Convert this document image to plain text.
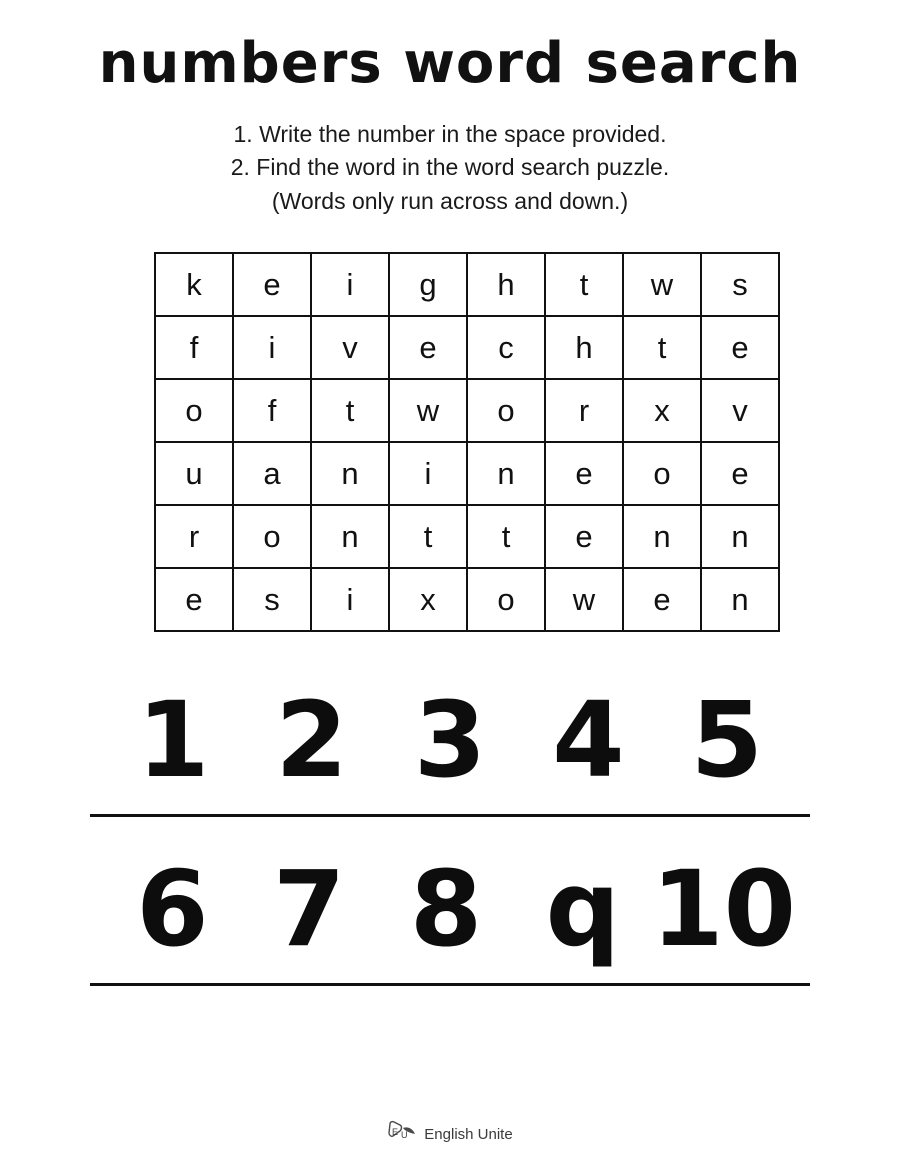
numbers word search
1. Write the number in the space provided.
2. Find the word in the word search puzzle.
(Words only run across and down.)
k	e	i	g	h	t	w	s
f	i	v	e	c	h	t	e
o	f	t	w	o	r	x	v
u	a	n	i	n	e	o	e
r	o	n	t	t	e	n	n
e	s	i	x	o	w	e	n
1 2 3 4 5
6 7 8 q 10
E U English Unite
